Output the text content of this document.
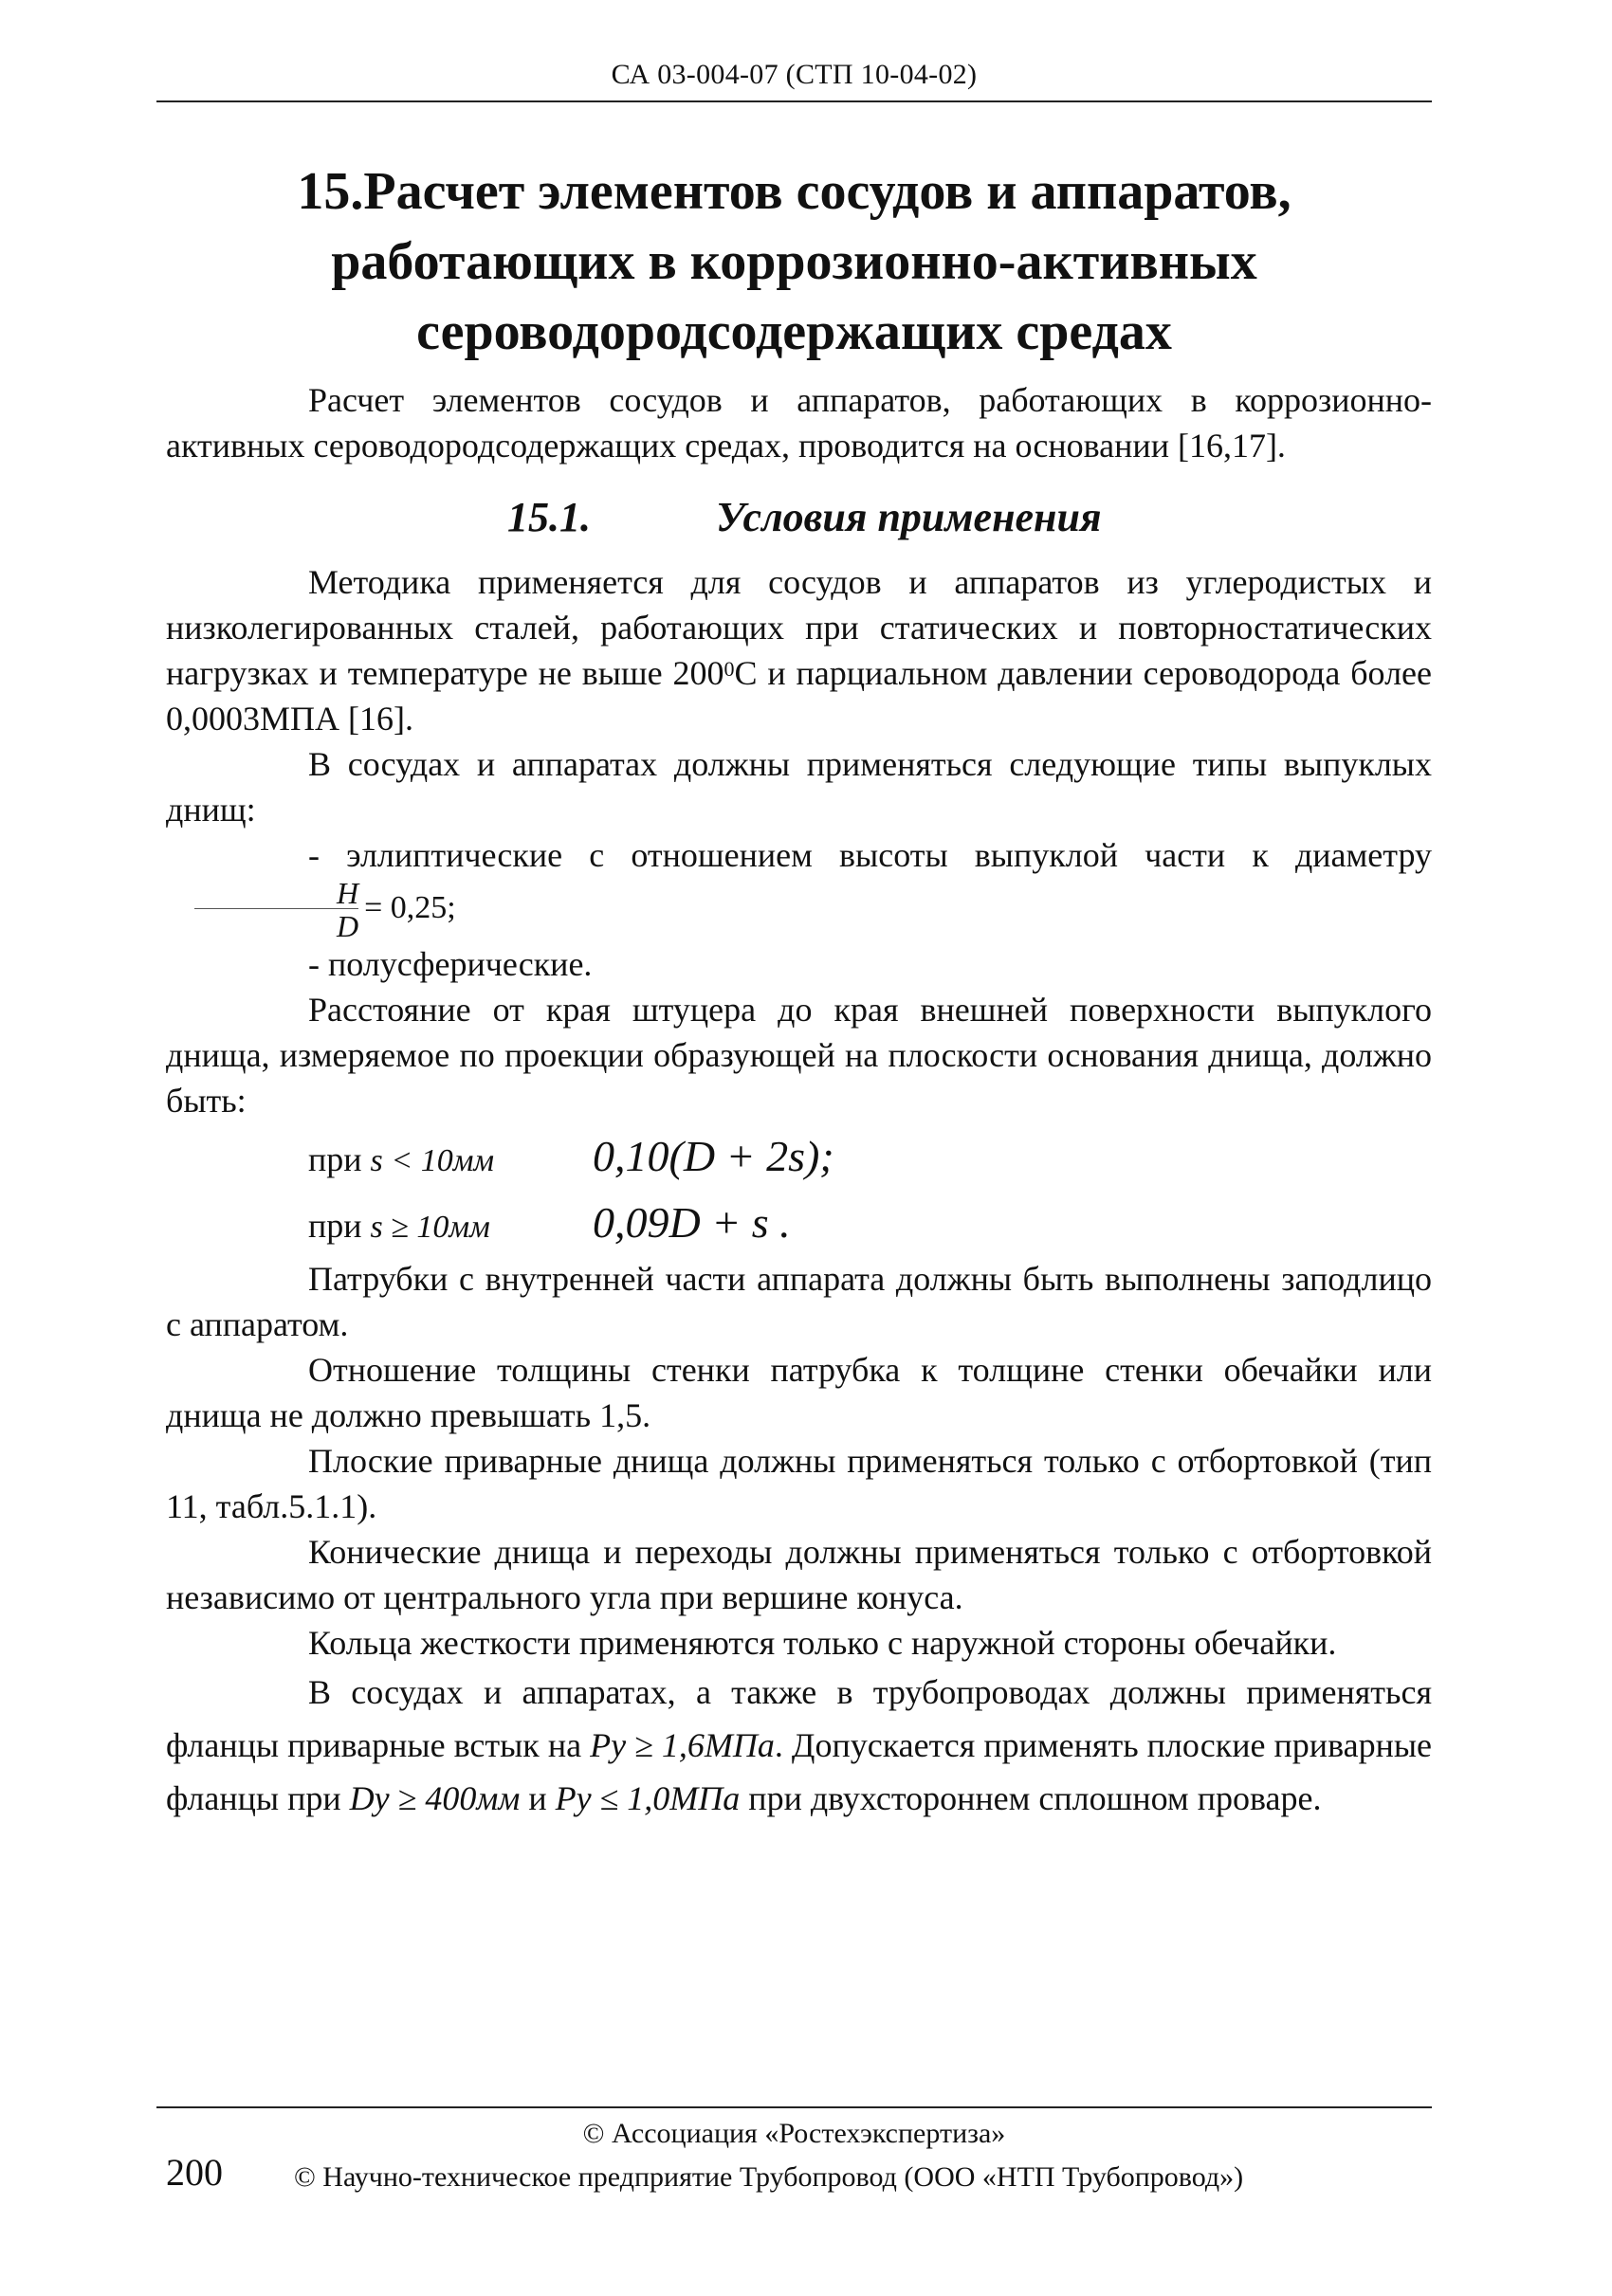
СА 03-004-07 (СТП 10-04-02)
15.Расчет элементов сосудов и аппаратов,
работающих в коррозионно-активных
сероводородсодержащих средах

Расчет элементов сосудов и аппаратов, работающих в коррозионно-активных сероводородсодержащих средах, проводится на основании [16,17].

15.1.	Условия применения

Методика применяется для сосудов и аппаратов из углеродистых и низколегированных сталей, работающих при статических и повторностатических нагрузках и температуре не выше $200^0С$ и парциальном давлении сероводорода более 0,0003МПА [16].

В сосудах и аппаратах должны применяться следующие типы выпуклых днищ:

- эллиптические с отношением высоты выпуклой части к диаметру
$\frac{H}{D} = 0,25$;

- полусферические.

Расстояние от края штуцера до края внешней поверхности выпуклого днища, измеряемое по проекции образующей на плоскости основания днища, должно быть:

при s < 10мм 0,10(D + 2s);
при s ≥ 10мм 0,09D + s .

Патрубки с внутренней части аппарата должны быть выполнены заподлицо с аппаратом.

Отношение толщины стенки патрубка к толщине стенки обечайки или днища не должно превышать 1,5.

Плоские приварные днища должны применяться только с отбортовкой (тип 11, табл.5.1.1).

Конические днища и переходы должны применяться только с отбортовкой независимо от центрального угла при вершине конуса.

Кольца жесткости применяются только с наружной стороны обечайки.

В сосудах и аппаратах, а также в трубопроводах должны применяться фланцы приварные встык на Pу ≥ 1,6МПа. Допускается применять плоские приварные фланцы при Dу ≥ 400мм и Pу ≤ 1,0МПа при двухстороннем сплошном проваре.

© Ассоциация «Ростехэкспертиза»
200	© Научно-техническое предприятие Трубопровод (ООО «НТП Трубопровод»)
